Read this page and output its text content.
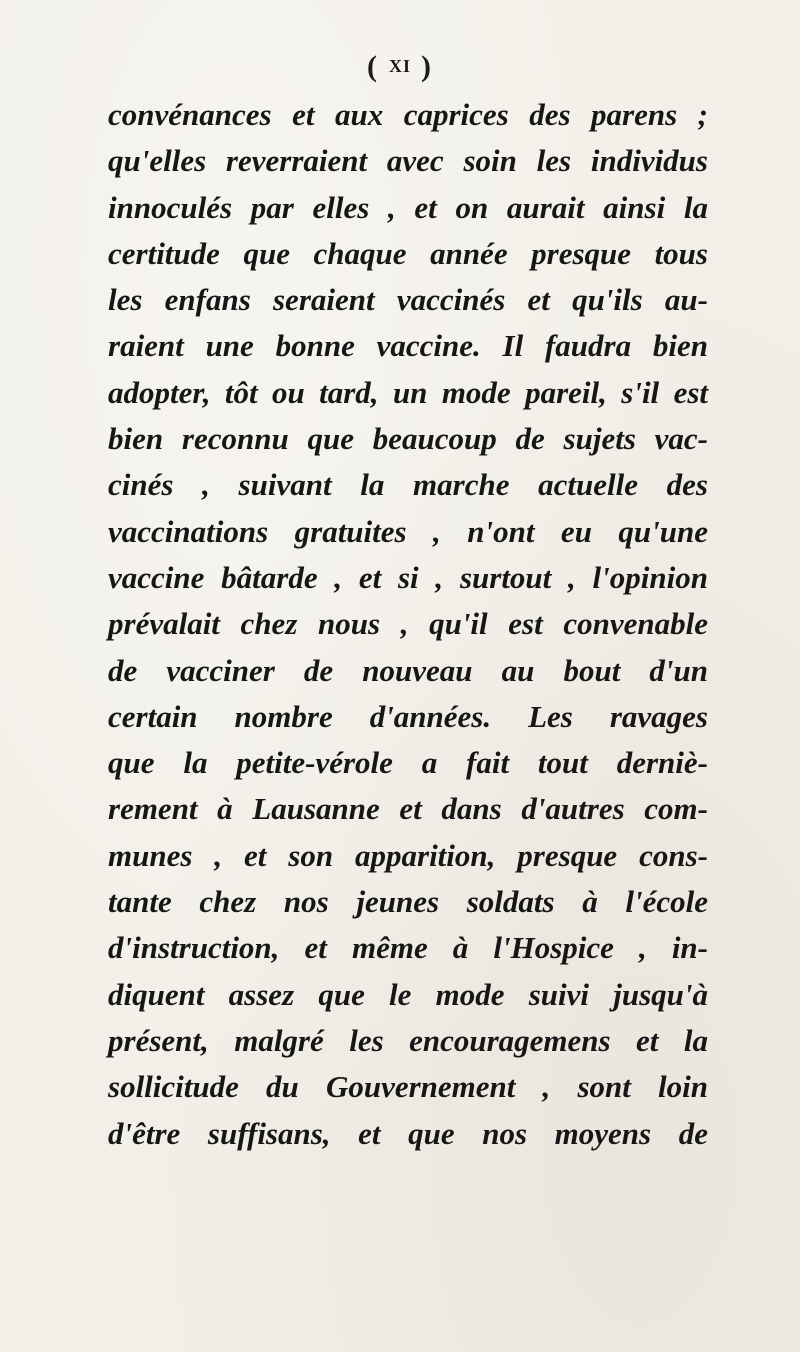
( XI )
convénances et aux caprices des parens ;
qu'elles reverraient avec soin les individus
innoculés par elles , et on aurait ainsi la
certitude que chaque année presque tous
les enfans seraient vaccinés et qu'ils au-
raient une bonne vaccine. Il faudra bien
adopter, tôt ou tard, un mode pareil, s'il est
bien reconnu que beaucoup de sujets vac-
cinés , suivant la marche actuelle des
vaccinations gratuites , n'ont eu qu'une
vaccine bâtarde , et si , surtout , l'opinion
prévalait chez nous , qu'il est convenable
de vacciner de nouveau au bout d'un
certain nombre d'années. Les ravages
que la petite-vérole a fait tout derniè-
rement à Lausanne et dans d'autres com-
munes , et son apparition, presque cons-
tante chez nos jeunes soldats à l'école
d'instruction, et même à l'Hospice , in-
diquent assez que le mode suivi jusqu'à
présent, malgré les encouragemens et la
sollicitude du Gouvernement , sont loin
d'être suffisans, et que nos moyens de
